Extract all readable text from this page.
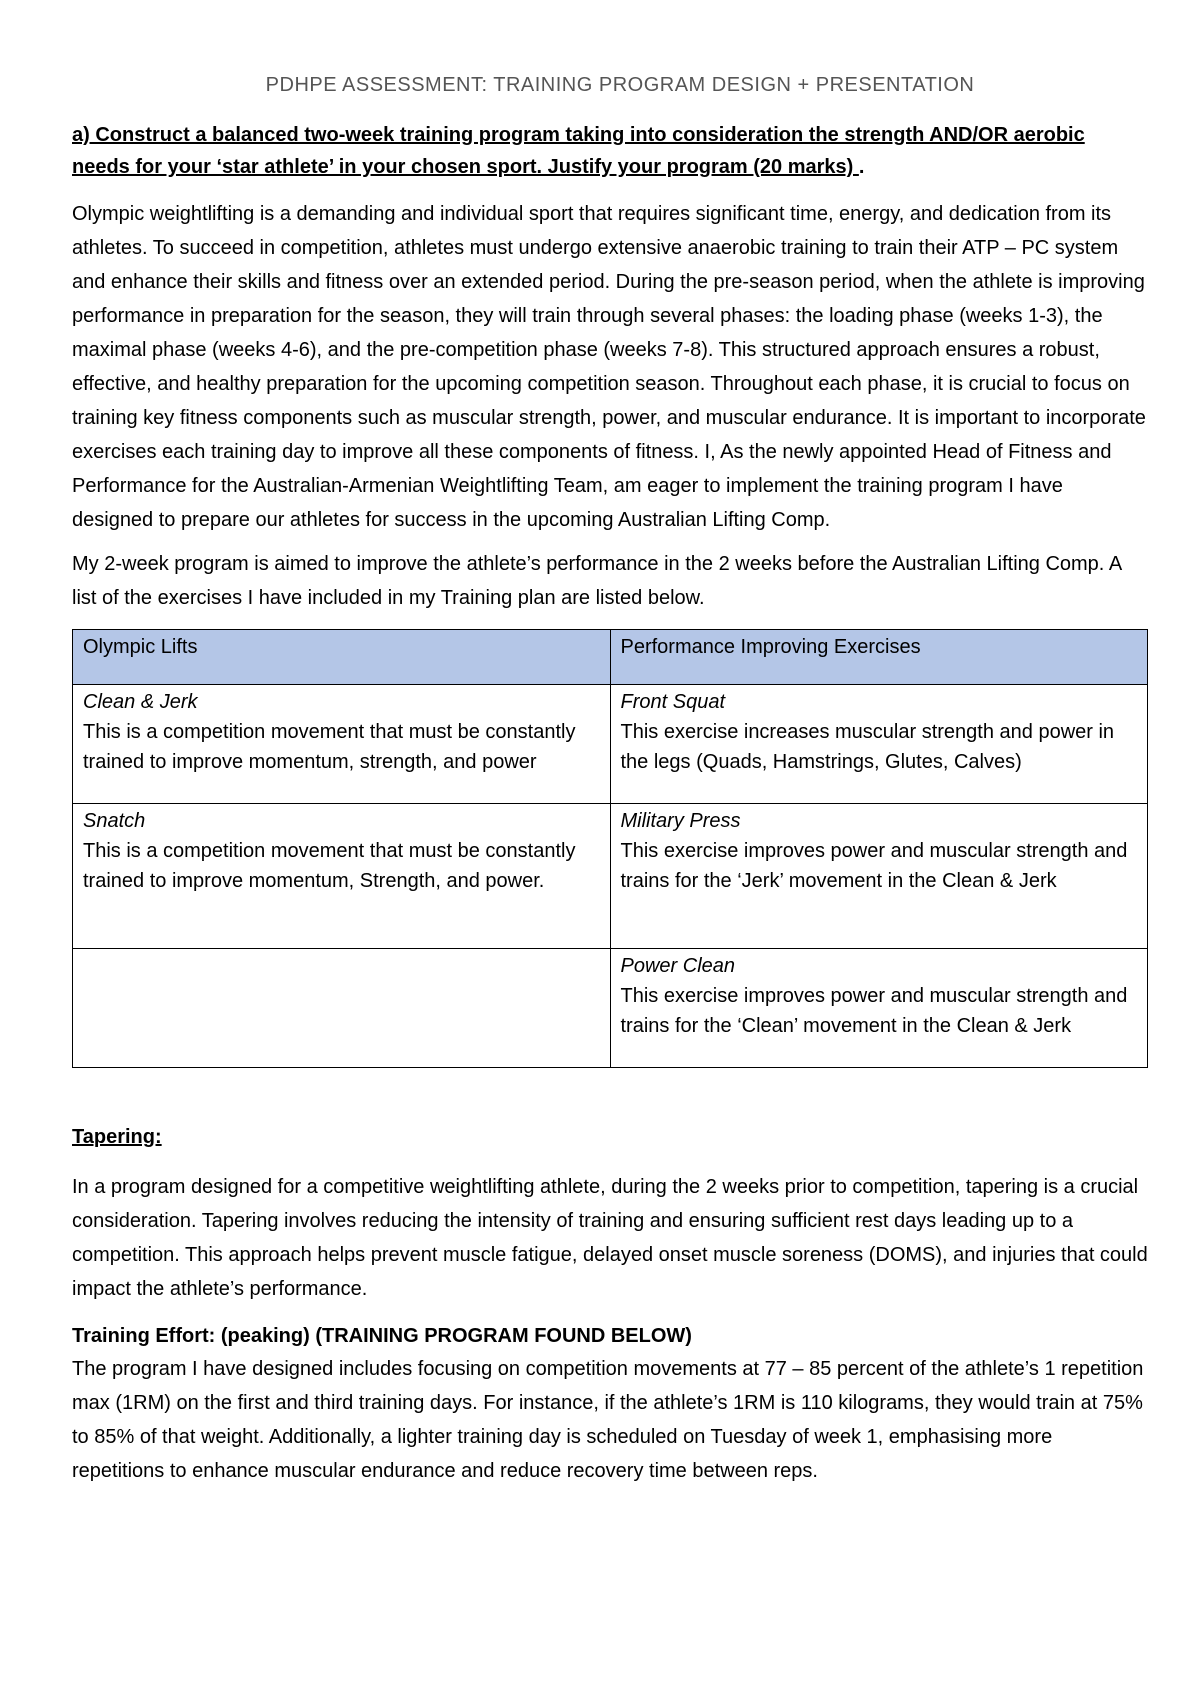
PDHPE ASSESSMENT: TRAINING PROGRAM DESIGN + PRESENTATION
a) Construct a balanced two-week training program taking into consideration the strength AND/OR aerobic needs for your ‘star athlete’ in your chosen sport. Justify your program (20 marks) .

Olympic weightlifting is a demanding and individual sport that requires significant time, energy, and dedication from its athletes. To succeed in competition, athletes must undergo extensive anaerobic training to train their ATP – PC system and enhance their skills and fitness over an extended period. During the pre-season period, when the athlete is improving performance in preparation for the season, they will train through several phases: the loading phase (weeks 1-3), the maximal phase (weeks 4-6), and the pre-competition phase (weeks 7-8). This structured approach ensures a robust, effective, and healthy preparation for the upcoming competition season. Throughout each phase, it is crucial to focus on training key fitness components such as muscular strength, power, and muscular endurance. It is important to incorporate exercises each training day to improve all these components of fitness. I, As the newly appointed Head of Fitness and Performance for the Australian-Armenian Weightlifting Team, am eager to implement the training program I have designed to prepare our athletes for success in the upcoming Australian Lifting Comp.

My 2-week program is aimed to improve the athlete’s performance in the 2 weeks before the Australian Lifting Comp. A list of the exercises I have included in my Training plan are listed below.

Olympic Lifts	Performance Improving Exercises

Clean & Jerk
This is a competition movement that must be constantly trained to improve momentum, strength, and power	Front Squat
This exercise increases muscular strength and power in the legs (Quads, Hamstrings, Glutes, Calves)

Snatch
This is a competition movement that must be constantly trained to improve momentum, Strength, and power.	Military Press
This exercise improves power and muscular strength and trains for the ‘Jerk’ movement in the Clean & Jerk

	Power Clean
This exercise improves power and muscular strength and trains for the ‘Clean’ movement in the Clean & Jerk
Tapering:

In a program designed for a competitive weightlifting athlete, during the 2 weeks prior to competition, tapering is a crucial consideration. Tapering involves reducing the intensity of training and ensuring sufficient rest days leading up to a competition. This approach helps prevent muscle fatigue, delayed onset muscle soreness (DOMS), and injuries that could impact the athlete’s performance.

Training Effort: (peaking) (TRAINING PROGRAM FOUND BELOW)

The program I have designed includes focusing on competition movements at 77 – 85 percent of the athlete’s 1 repetition max (1RM) on the first and third training days. For instance, if the athlete’s 1RM is 110 kilograms, they would train at 75% to 85% of that weight. Additionally, a lighter training day is scheduled on Tuesday of week 1, emphasising more repetitions to enhance muscular endurance and reduce recovery time between reps.
